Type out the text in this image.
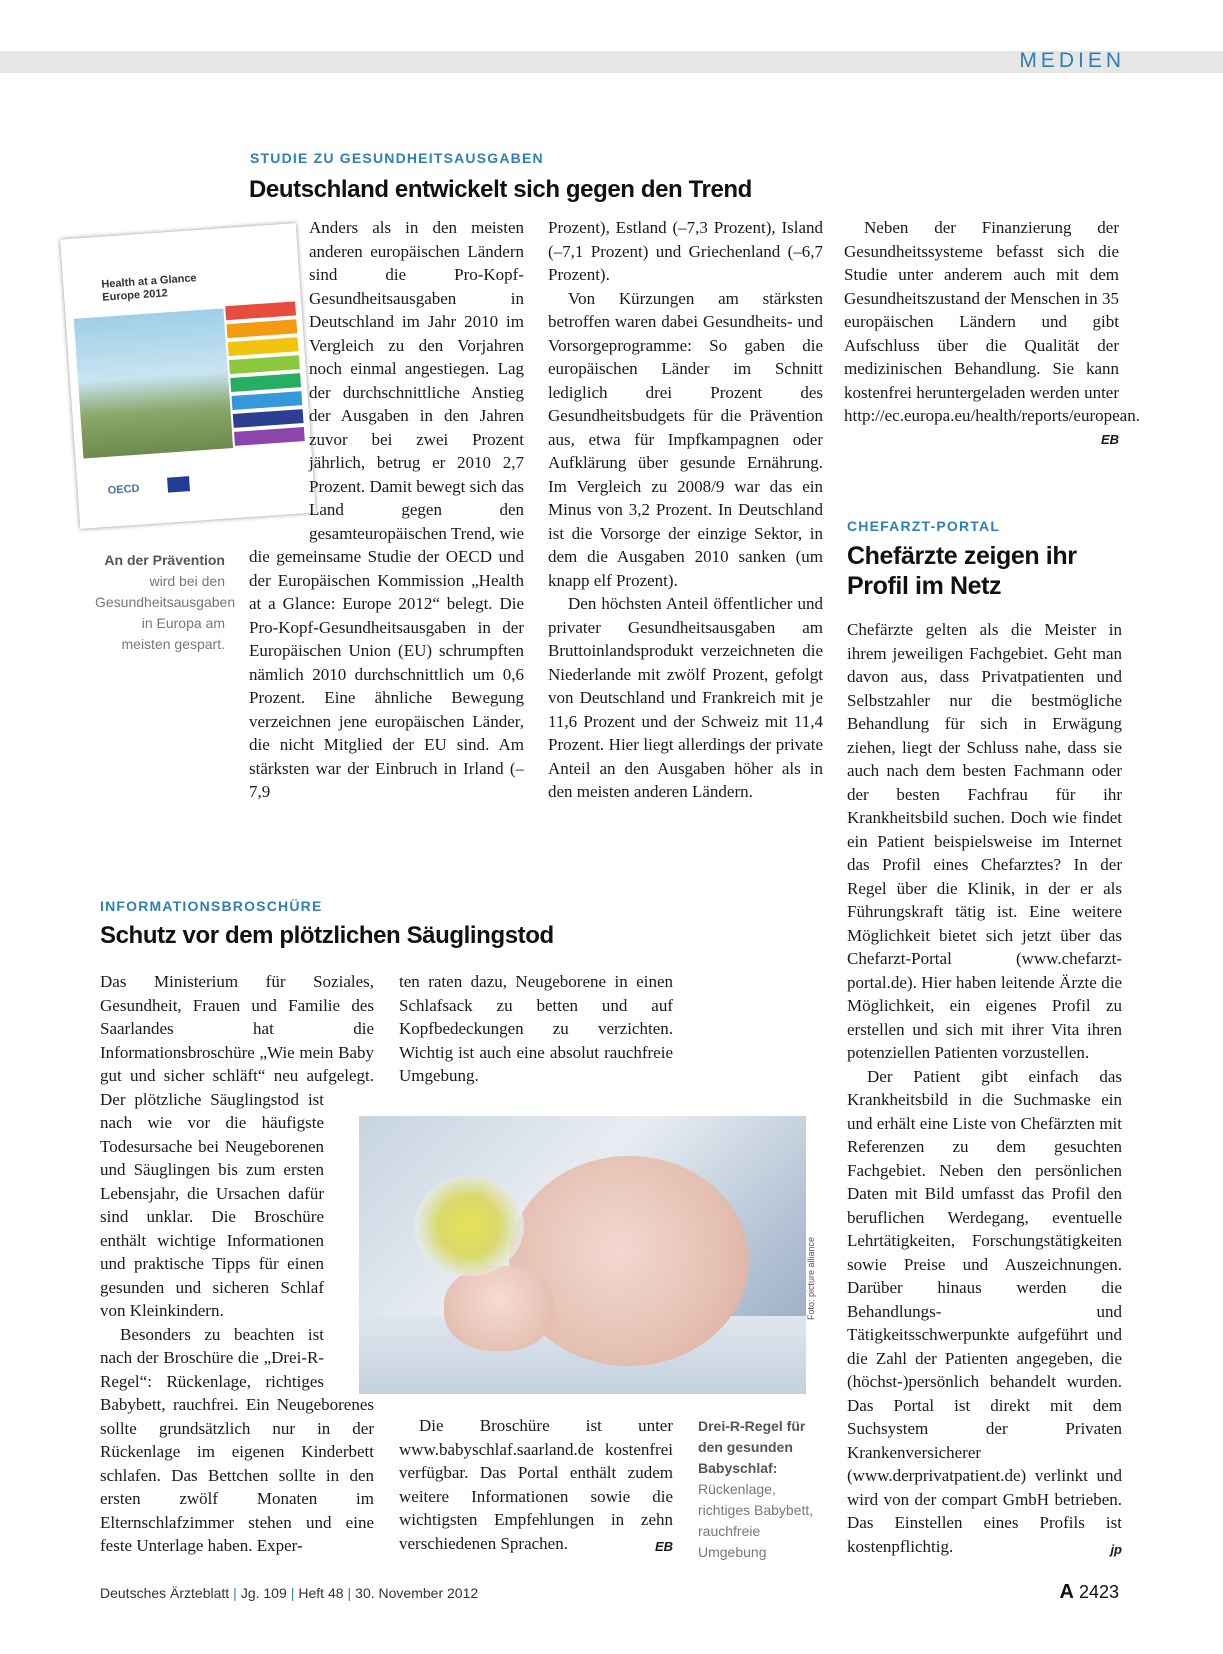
MEDIEN
STUDIE ZU GESUNDHEITSAUSGABEN
Deutschland entwickelt sich gegen den Trend
Health at a Glance Europe 2012
OECD
An der Prävention wird bei den Gesundheitsausgaben in Europa am meisten gespart.

Anders als in den meisten anderen europäischen Ländern sind die Pro-Kopf-Gesundheitsausgaben in Deutschland im Jahr 2010 im Vergleich zu den Vorjahren noch einmal angestiegen. Lag der durchschnittliche Anstieg der Ausgaben in den Jahren zuvor bei zwei Prozent jährlich, betrug er 2010 2,7 Prozent. Damit bewegt sich das Land gegen den gesamteuropäischen Trend, wie die gemeinsame Studie der OECD und der Europäischen Kommission „Health at a Glance: Europe 2012“ belegt. Die Pro-Kopf-Gesundheitsausgaben in der Europäischen Union (EU) schrumpften nämlich 2010 durchschnittlich um 0,6 Prozent. Eine ähnliche Bewegung verzeichnen jene europäischen Länder, die nicht Mitglied der EU sind. Am stärksten war der Einbruch in Irland (–7,9

Prozent), Estland (–7,3 Prozent), Island (–7,1 Prozent) und Griechenland (–6,7 Prozent).

Von Kürzungen am stärksten betroffen waren dabei Gesundheits- und Vorsorgeprogramme: So gaben die europäischen Länder im Schnitt lediglich drei Prozent des Gesundheitsbudgets für die Prävention aus, etwa für Impfkampagnen oder Aufklärung über gesunde Ernährung. Im Vergleich zu 2008/9 war das ein Minus von 3,2 Prozent. In Deutschland ist die Vorsorge der einzige Sektor, in dem die Ausgaben 2010 sanken (um knapp elf Prozent).

Den höchsten Anteil öffentlicher und privater Gesundheitsausgaben am Bruttoinlandsprodukt verzeichneten die Niederlande mit zwölf Prozent, gefolgt von Deutschland und Frankreich mit je 11,6 Prozent und der Schweiz mit 11,4 Prozent. Hier liegt allerdings der private Anteil an den Ausgaben höher als in den meisten anderen Ländern.

Neben der Finanzierung der Gesundheitssysteme befasst sich die Studie unter anderem auch mit dem Gesundheitszustand der Menschen in 35 europäischen Ländern und gibt Aufschluss über die Qualität der medizinischen Behandlung. Sie kann kostenfrei heruntergeladen werden unter http://ec.europa.eu/health/reports/european.

EB
CHEFARZT-PORTAL
Chefärzte zeigen ihr
Profil im Netz

Chefärzte gelten als die Meister in ihrem jeweiligen Fachgebiet. Geht man davon aus, dass Privatpatienten und Selbstzahler nur die bestmögliche Behandlung für sich in Erwägung ziehen, liegt der Schluss nahe, dass sie auch nach dem besten Fachmann oder der besten Fachfrau für ihr Krankheitsbild suchen. Doch wie findet ein Patient beispielsweise im Internet das Profil eines Chefarztes? In der Regel über die Klinik, in der er als Führungskraft tätig ist. Eine weitere Möglichkeit bietet sich jetzt über das Chefarzt-Portal (www.chefarzt-portal.de). Hier haben leitende Ärzte die Möglichkeit, ein eigenes Profil zu erstellen und sich mit ihrer Vita ihren potenziellen Patienten vorzustellen.

Der Patient gibt einfach das Krankheitsbild in die Suchmaske ein und erhält eine Liste von Chefärzten mit Referenzen zu dem gesuchten Fachgebiet. Neben den persönlichen Daten mit Bild umfasst das Profil den beruflichen Werdegang, eventuelle Lehrtätigkeiten, Forschungstätigkeiten sowie Preise und Auszeichnungen. Darüber hinaus werden die Behandlungs- und Tätigkeitsschwerpunkte aufgeführt und die Zahl der Patienten angegeben, die (höchst-)persönlich behandelt wurden. Das Portal ist direkt mit dem Suchsystem der Privaten Krankenversicherer (www.derprivatpatient.de) verlinkt und wird von der compart GmbH betrieben. Das Einstellen eines Profils ist kostenpflichtig.	jp
INFORMATIONSBROSCHÜRE
Schutz vor dem plötzlichen Säuglingstod

Das Ministerium für Soziales, Gesundheit, Frauen und Familie des Saarlandes hat die Informationsbroschüre „Wie mein Baby gut und sicher schläft“ neu aufgelegt. Der plötzliche Säuglingstod ist nach wie vor die häufigste Todesursache bei Neugeborenen und Säuglingen bis zum ersten Lebensjahr, die Ursachen dafür sind unklar. Die Broschüre enthält wichtige Informationen und praktische Tipps für einen gesunden und sicheren Schlaf von Kleinkindern.

Besonders zu beachten ist nach der Broschüre die „Drei-R-Regel“: Rückenlage, richtiges Babybett, rauchfrei. Ein Neugeborenes sollte grundsätzlich nur in der Rückenlage im eigenen Kinderbett schlafen. Das Bettchen sollte in den ersten zwölf Monaten im Elternschlafzimmer stehen und eine feste Unterlage haben. Exper-

ten raten dazu, Neugeborene in einen Schlafsack zu betten und auf Kopfbedeckungen zu verzichten. Wichtig ist auch eine absolut rauchfreie Umgebung.

Foto: picture alliance

Die Broschüre ist unter www.babyschlaf.saarland.de kostenfrei verfügbar. Das Portal enthält zudem weitere Informationen sowie die wichtigsten Empfehlungen in zehn verschiedenen Sprachen.	EB
Drei-R-Regel für den gesunden Babyschlaf: Rückenlage, richtiges Babybett, rauchfreie Umgebung
Deutsches Ärzteblatt | Jg. 109 | Heft 48 | 30. November 2012	A 2423
